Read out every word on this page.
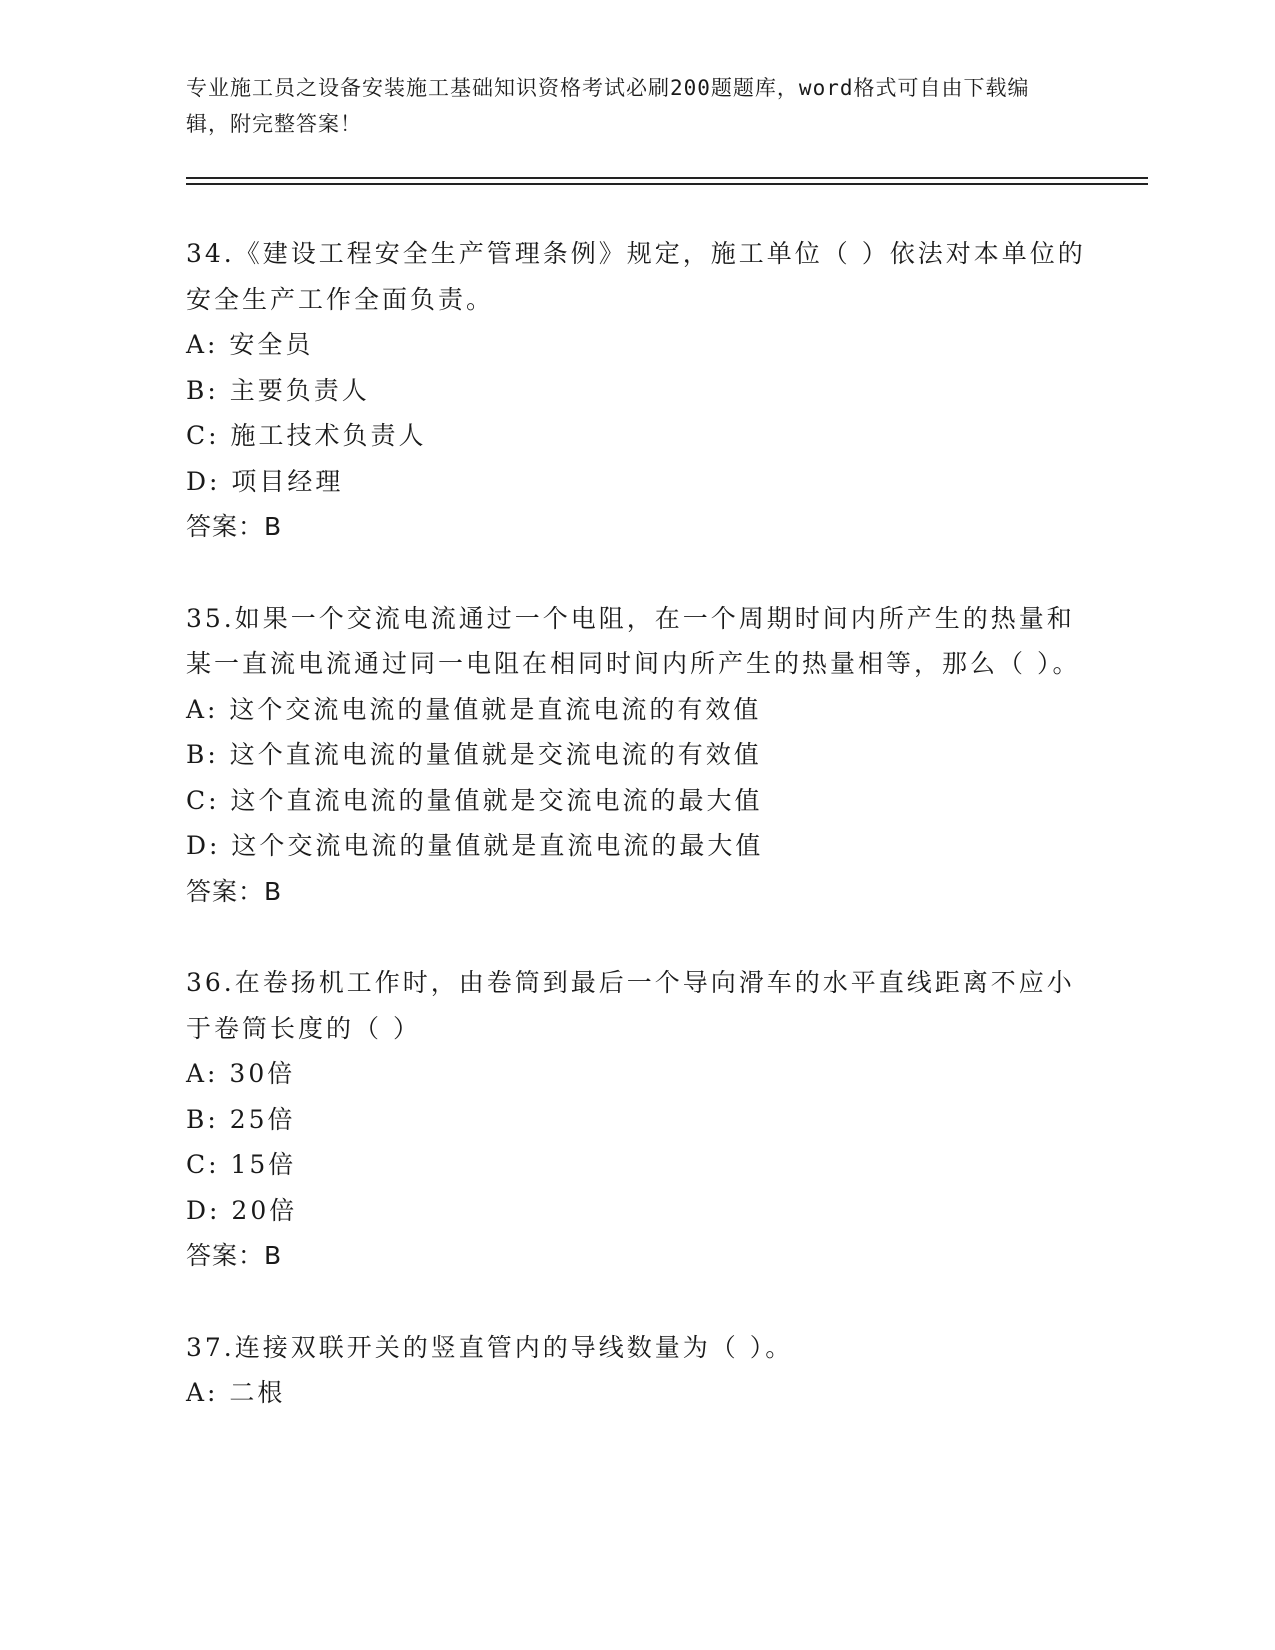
专业施工员之设备安装施工基础知识资格考试必刷200题题库，word格式可自由下载编辑，附完整答案！

34.《建设工程安全生产管理条例》规定，施工单位（ ）依法对本单位的安全生产工作全面负责。

A: 安全员

B: 主要负责人

C: 施工技术负责人

D: 项目经理

答案：B

35.如果一个交流电流通过一个电阻，在一个周期时间内所产生的热量和某一直流电流通过同一电阻在相同时间内所产生的热量相等，那么（ ）。

A: 这个交流电流的量值就是直流电流的有效值

B: 这个直流电流的量值就是交流电流的有效值

C: 这个直流电流的量值就是交流电流的最大值

D: 这个交流电流的量值就是直流电流的最大值

答案：B

36.在卷扬机工作时，由卷筒到最后一个导向滑车的水平直线距离不应小于卷筒长度的（ ）

A: 30倍

B: 25倍

C: 15倍

D: 20倍

答案：B

37.连接双联开关的竖直管内的导线数量为（ ）。

A: 二根
